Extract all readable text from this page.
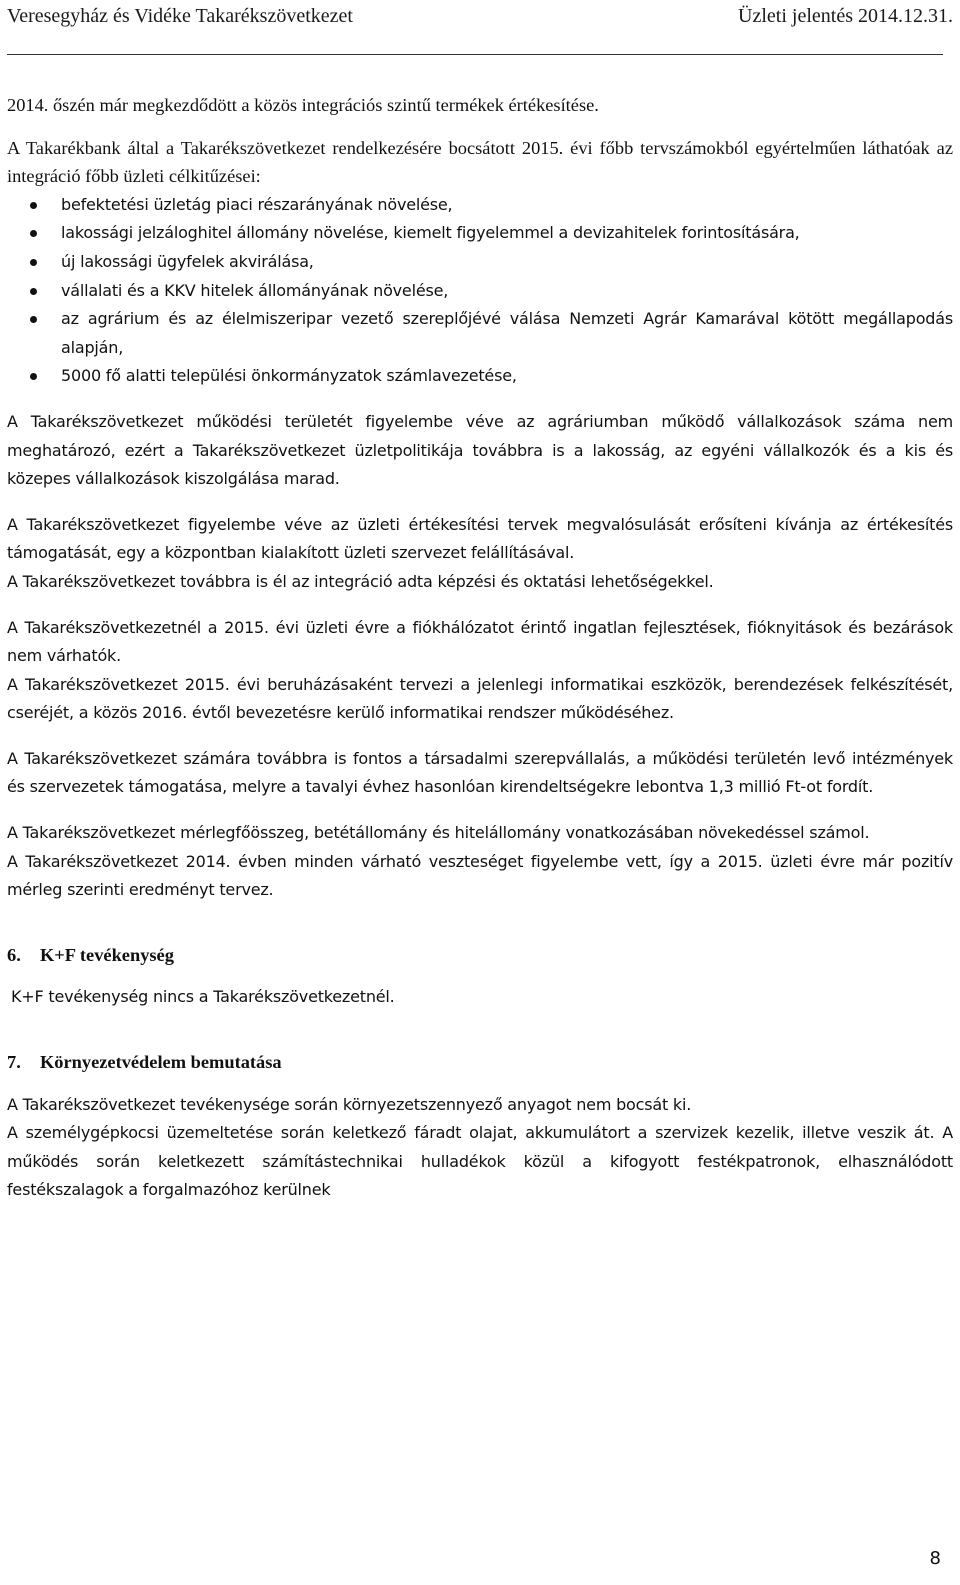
Veresegyház és Vidéke Takarékszövetkezet	Üzleti jelentés 2014.12.31.

2014. őszén már megkezdődött a közös integrációs szintű termékek értékesítése.

A Takarékbank által a Takarékszövetkezet rendelkezésére bocsátott 2015. évi főbb tervszámokból egyértelműen láthatóak az integráció főbb üzleti célkitűzései:

befektetési üzletág piaci részarányának növelése,
lakossági jelzáloghitel állomány növelése, kiemelt figyelemmel a devizahitelek forintosítására,
új lakossági ügyfelek akvirálása,
vállalati és a KKV hitelek állományának növelése,
az agrárium és az élelmiszeripar vezető szereplőjévé válása Nemzeti Agrár Kamarával kötött megállapodás alapján,
5000 fő alatti települési önkormányzatok számlavezetése,

A Takarékszövetkezet működési területét figyelembe véve az agráriumban működő vállalkozások száma nem meghatározó, ezért a Takarékszövetkezet üzletpolitikája továbbra is a lakosság, az egyéni vállalkozók és a kis és közepes vállalkozások kiszolgálása marad.

A Takarékszövetkezet figyelembe véve az üzleti értékesítési tervek megvalósulását erősíteni kívánja az értékesítés támogatását, egy a központban kialakított üzleti szervezet felállításával.

A Takarékszövetkezet továbbra is él az integráció adta képzési és oktatási lehetőségekkel.

A Takarékszövetkezetnél a 2015. évi üzleti évre a fiókhálózatot érintő ingatlan fejlesztések, fióknyitások és bezárások nem várhatók.

A Takarékszövetkezet 2015. évi beruházásaként tervezi a jelenlegi informatikai eszközök, berendezések felkészítését, cseréjét, a közös 2016. évtől bevezetésre kerülő informatikai rendszer működéséhez.

A Takarékszövetkezet számára továbbra is fontos a társadalmi szerepvállalás, a működési területén levő intézmények és szervezetek támogatása, melyre a tavalyi évhez hasonlóan kirendeltségekre lebontva 1,3 millió Ft-ot fordít.

A Takarékszövetkezet mérlegfőösszeg, betétállomány és hitelállomány vonatkozásában növekedéssel számol.

A Takarékszövetkezet 2014. évben minden várható veszteséget figyelembe vett, így a 2015. üzleti évre már pozitív mérleg szerinti eredményt tervez.

6. K+F tevékenység

K+F tevékenység nincs a Takarékszövetkezetnél.

7. Környezetvédelem bemutatása

A Takarékszövetkezet tevékenysége során környezetszennyező anyagot nem bocsát ki.

A személygépkocsi üzemeltetése során keletkező fáradt olajat, akkumulátort a szervizek kezelik, illetve veszik át. A működés során keletkezett számítástechnikai hulladékok közül a kifogyott festékpatronok, elhasználódott festékszalagok a forgalmazóhoz kerülnek

8
